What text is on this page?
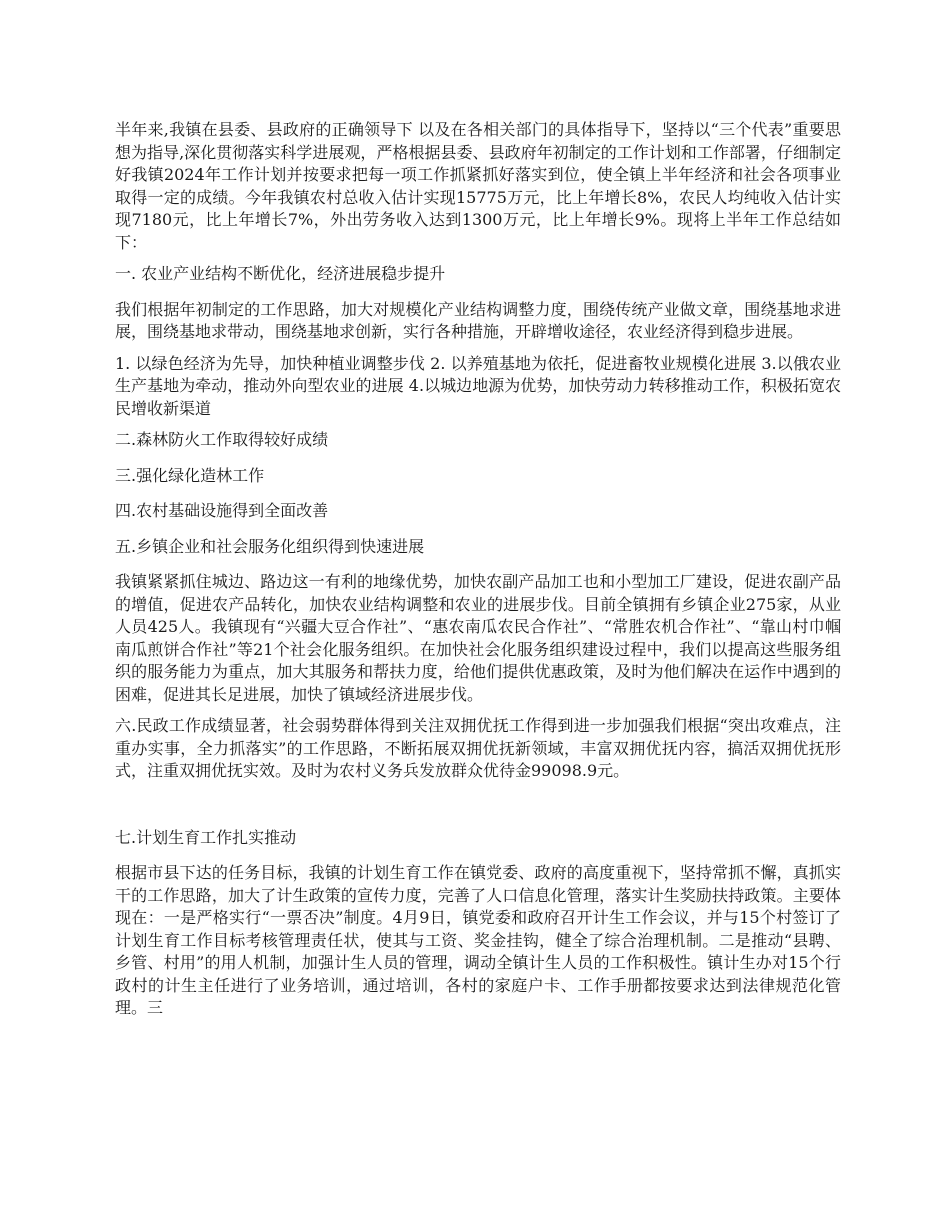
半年来,我镇在县委、县政府的正确领导下 以及在各相关部门的具体指导下，坚持以“三个代表”重要思想为指导,深化贯彻落实科学进展观，严格根据县委、县政府年初制定的工作计划和工作部署，仔细制定好我镇2024年工作计划并按要求把每一项工作抓紧抓好落实到位，使全镇上半年经济和社会各项事业取得一定的成绩。今年我镇农村总收入估计实现15775万元，比上年增长8%，农民人均纯收入估计实现7180元，比上年增长7%，外出劳务收入达到1300万元，比上年增长9%。现将上半年工作总结如下：

一. 农业产业结构不断优化，经济进展稳步提升

我们根据年初制定的工作思路，加大对规模化产业结构调整力度，围绕传统产业做文章，围绕基地求进展，围绕基地求带动，围绕基地求创新，实行各种措施，开辟增收途径，农业经济得到稳步进展。

1. 以绿色经济为先导，加快种植业调整步伐 2. 以养殖基地为依托，促进畜牧业规模化进展 3.以俄农业生产基地为牵动，推动外向型农业的进展 4.以城边地源为优势，加快劳动力转移推动工作，积极拓宽农民增收新渠道

二.森林防火工作取得较好成绩

三.强化绿化造林工作

四.农村基础设施得到全面改善

五.乡镇企业和社会服务化组织得到快速进展

我镇紧紧抓住城边、路边这一有利的地缘优势，加快农副产品加工也和小型加工厂建设，促进农副产品的增值，促进农产品转化，加快农业结构调整和农业的进展步伐。目前全镇拥有乡镇企业275家，从业人员425人。我镇现有“兴疆大豆合作社”、“惠农南瓜农民合作社”、“常胜农机合作社”、“靠山村巾帼南瓜煎饼合作社”等21个社会化服务组织。在加快社会化服务组织建设过程中，我们以提高这些服务组织的服务能力为重点，加大其服务和帮扶力度，给他们提供优惠政策，及时为他们解决在运作中遇到的困难，促进其长足进展，加快了镇域经济进展步伐。

六.民政工作成绩显著，社会弱势群体得到关注双拥优抚工作得到进一步加强我们根据“突出攻难点，注重办实事，全力抓落实”的工作思路，不断拓展双拥优抚新领域，丰富双拥优抚内容，搞活双拥优抚形式，注重双拥优抚实效。及时为农村义务兵发放群众优待金99098.9元。

七.计划生育工作扎实推动

根据市县下达的任务目标，我镇的计划生育工作在镇党委、政府的高度重视下，坚持常抓不懈，真抓实干的工作思路，加大了计生政策的宣传力度，完善了人口信息化管理，落实计生奖励扶持政策。主要体现在：一是严格实行“一票否决”制度。4月9日，镇党委和政府召开计生工作会议，并与15个村签订了计划生育工作目标考核管理责任状，使其与工资、奖金挂钩，健全了综合治理机制。二是推动“县聘、乡管、村用”的用人机制，加强计生人员的管理，调动全镇计生人员的工作积极性。镇计生办对15个行政村的计生主任进行了业务培训，通过培训，各村的家庭户卡、工作手册都按要求达到法律规范化管理。三
